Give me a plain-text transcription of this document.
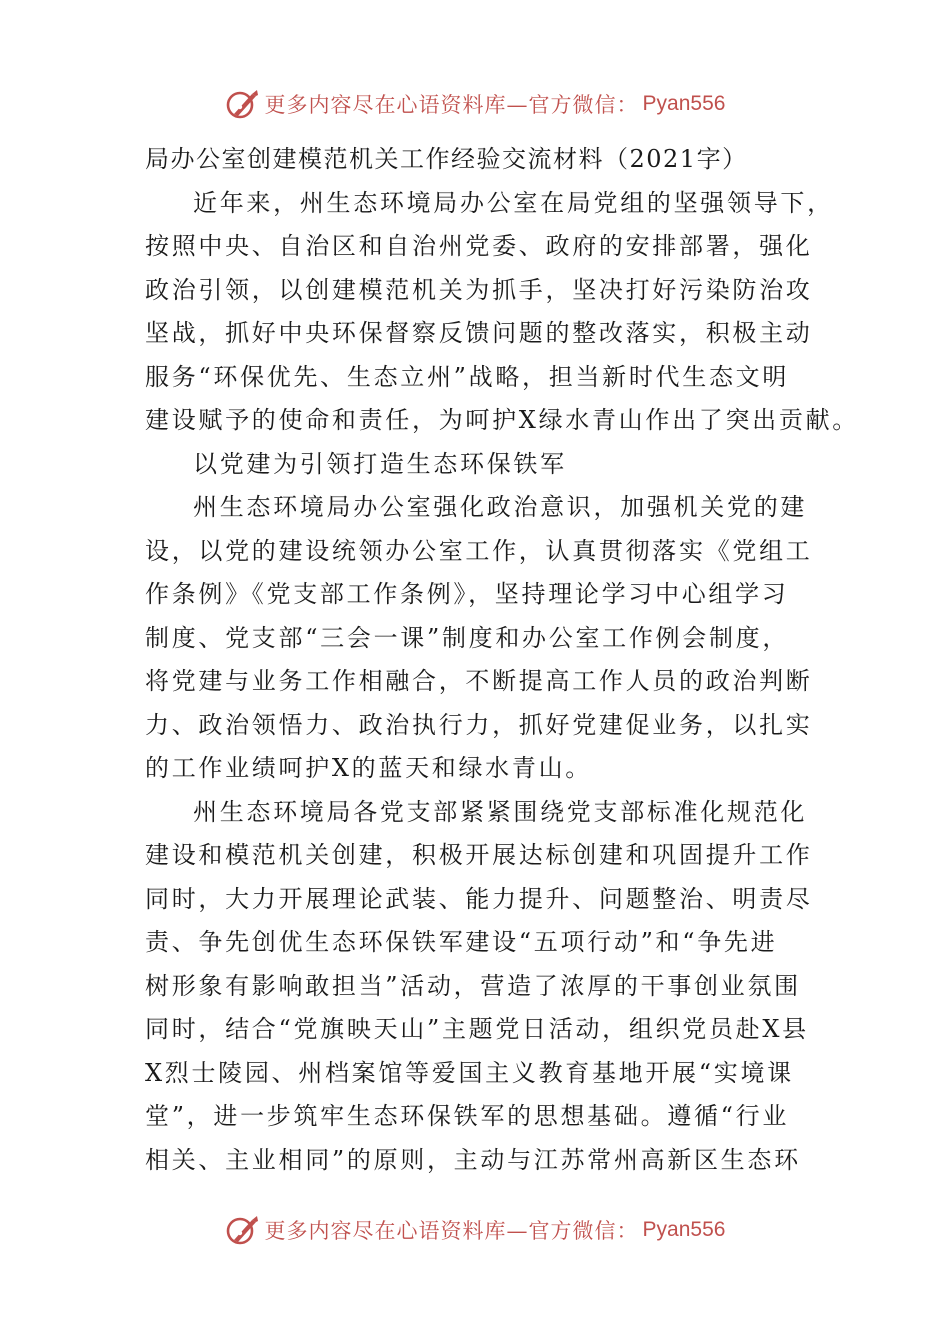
更多内容尽在心语资料库—官方微信： Pyan556
局办公室创建模范机关工作经验交流材料（2021字）
近年来，州生态环境局办公室在局党组的坚强领导下，
按照中央、自治区和自治州党委、政府的安排部署，强化
政治引领，以创建模范机关为抓手，坚决打好污染防治攻
坚战，抓好中央环保督察反馈问题的整改落实，积极主动
服务“环保优先、生态立州”战略，担当新时代生态文明
建设赋予的使命和责任，为呵护X绿水青山作出了突出贡献。
以党建为引领打造生态环保铁军
州生态环境局办公室强化政治意识，加强机关党的建
设，以党的建设统领办公室工作，认真贯彻落实《党组工
作条例》《党支部工作条例》，坚持理论学习中心组学习
制度、党支部“三会一课”制度和办公室工作例会制度，
将党建与业务工作相融合，不断提高工作人员的政治判断
力、政治领悟力、政治执行力，抓好党建促业务，以扎实
的工作业绩呵护X的蓝天和绿水青山。
州生态环境局各党支部紧紧围绕党支部标准化规范化
建设和模范机关创建，积极开展达标创建和巩固提升工作
同时，大力开展理论武装、能力提升、问题整治、明责尽
责、争先创优生态环保铁军建设“五项行动”和“争先进
树形象有影响敢担当”活动，营造了浓厚的干事创业氛围
同时，结合“党旗映天山”主题党日活动，组织党员赴X县
X烈士陵园、州档案馆等爱国主义教育基地开展“实境课
堂”，进一步筑牢生态环保铁军的思想基础。遵循“行业
相关、主业相同”的原则，主动与江苏常州高新区生态环
更多内容尽在心语资料库—官方微信： Pyan556
